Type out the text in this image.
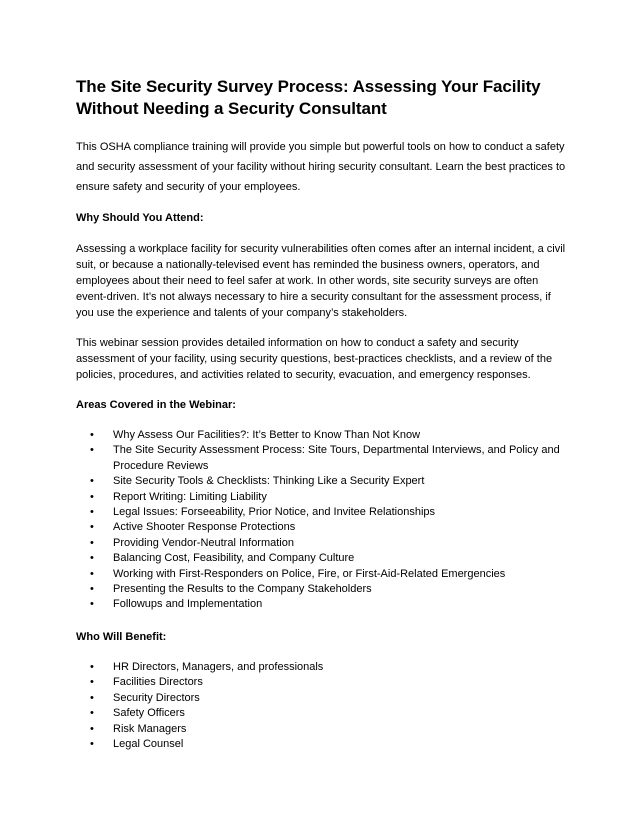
The Site Security Survey Process: Assessing Your Facility Without Needing a Security Consultant

This OSHA compliance training will provide you simple but powerful tools on how to conduct a safety and security assessment of your facility without hiring security consultant. Learn the best practices to ensure safety and security of your employees.

Why Should You Attend:

Assessing a workplace facility for security vulnerabilities often comes after an internal incident, a civil suit, or because a nationally-televised event has reminded the business owners, operators, and employees about their need to feel safer at work. In other words, site security surveys are often event-driven. It’s not always necessary to hire a security consultant for the assessment process, if you use the experience and talents of your company’s stakeholders.

This webinar session provides detailed information on how to conduct a safety and security assessment of your facility, using security questions, best-practices checklists, and a review of the policies, procedures, and activities related to security, evacuation, and emergency responses.

Areas Covered in the Webinar:
• Why Assess Our Facilities?: It’s Better to Know Than Not Know
• The Site Security Assessment Process: Site Tours, Departmental Interviews, and Policy and Procedure Reviews
• Site Security Tools & Checklists: Thinking Like a Security Expert
• Report Writing: Limiting Liability
• Legal Issues: Forseeability, Prior Notice, and Invitee Relationships
• Active Shooter Response Protections
• Providing Vendor-Neutral Information
• Balancing Cost, Feasibility, and Company Culture
• Working with First-Responders on Police, Fire, or First-Aid-Related Emergencies
• Presenting the Results to the Company Stakeholders
• Followups and Implementation
Who Will Benefit:
• HR Directors, Managers, and professionals
• Facilities Directors
• Security Directors
• Safety Officers
• Risk Managers
• Legal Counsel
